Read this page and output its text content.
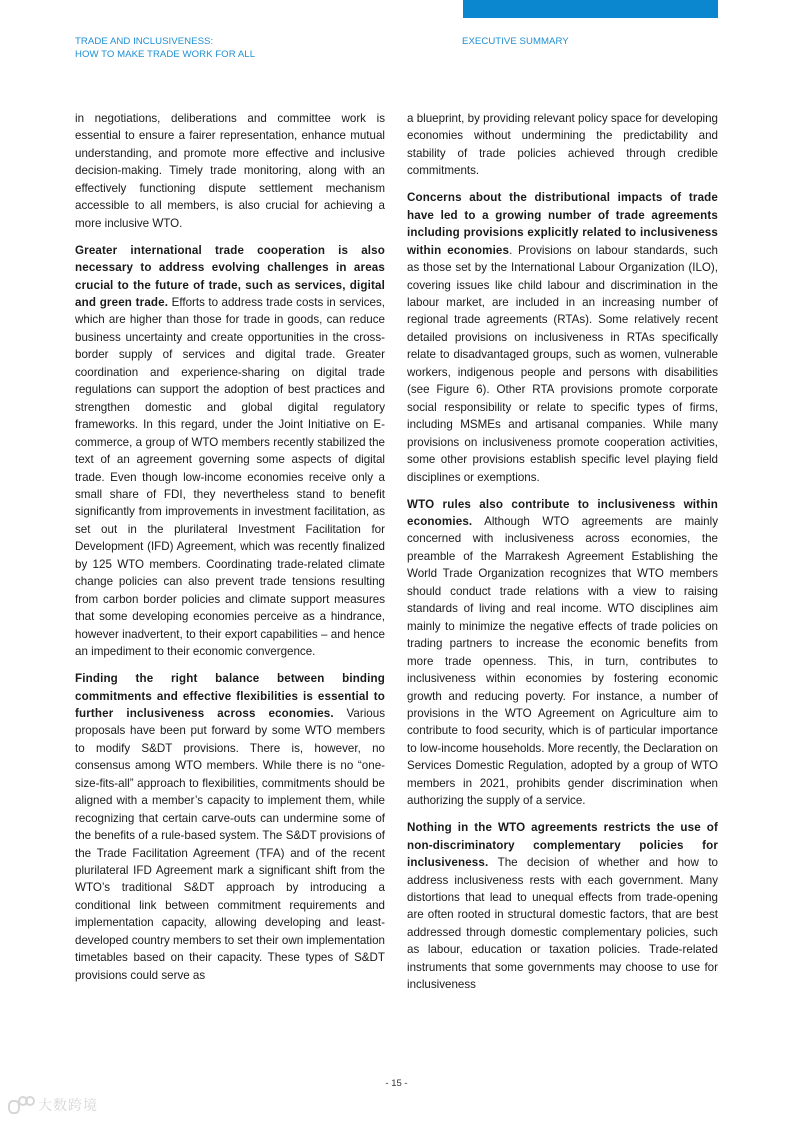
TRADE AND INCLUSIVENESS:
HOW TO MAKE TRADE WORK FOR ALL
EXECUTIVE SUMMARY

in negotiations, deliberations and committee work is essential to ensure a fairer representation, enhance mutual understanding, and promote more effective and inclusive decision-making. Timely trade monitoring, along with an effectively functioning dispute settlement mechanism accessible to all members, is also crucial for achieving a more inclusive WTO.

Greater international trade cooperation is also necessary to address evolving challenges in areas crucial to the future of trade, such as services, digital and green trade. Efforts to address trade costs in services, which are higher than those for trade in goods, can reduce business uncertainty and create opportunities in the cross-border supply of services and digital trade. Greater coordination and experience-sharing on digital trade regulations can support the adoption of best practices and strengthen domestic and global digital regulatory frameworks. In this regard, under the Joint Initiative on E-commerce, a group of WTO members recently stabilized the text of an agreement governing some aspects of digital trade. Even though low-income economies receive only a small share of FDI, they nevertheless stand to benefit significantly from improvements in investment facilitation, as set out in the plurilateral Investment Facilitation for Development (IFD) Agreement, which was recently finalized by 125 WTO members. Coordinating trade-related climate change policies can also prevent trade tensions resulting from carbon border policies and climate support measures that some developing economies perceive as a hindrance, however inadvertent, to their export capabilities – and hence an impediment to their economic convergence.

Finding the right balance between binding commitments and effective flexibilities is essential to further inclusiveness across economies. Various proposals have been put forward by some WTO members to modify S&DT provisions. There is, however, no consensus among WTO members. While there is no “one-size-fits-all” approach to flexibilities, commitments should be aligned with a member’s capacity to implement them, while recognizing that certain carve-outs can undermine some of the benefits of a rule-based system. The S&DT provisions of the Trade Facilitation Agreement (TFA) and of the recent plurilateral IFD Agreement mark a significant shift from the WTO’s traditional S&DT approach by introducing a conditional link between commitment requirements and implementation capacity, allowing developing and least-developed country members to set their own implementation timetables based on their capacity. These types of S&DT provisions could serve as

a blueprint, by providing relevant policy space for developing economies without undermining the predictability and stability of trade policies achieved through credible commitments.

Concerns about the distributional impacts of trade have led to a growing number of trade agreements including provisions explicitly related to inclusiveness within economies. Provisions on labour standards, such as those set by the International Labour Organization (ILO), covering issues like child labour and discrimination in the labour market, are included in an increasing number of regional trade agreements (RTAs). Some relatively recent detailed provisions on inclusiveness in RTAs specifically relate to disadvantaged groups, such as women, vulnerable workers, indigenous people and persons with disabilities (see Figure 6). Other RTA provisions promote corporate social responsibility or relate to specific types of firms, including MSMEs and artisanal companies. While many provisions on inclusiveness promote cooperation activities, some other provisions establish specific level playing field disciplines or exemptions.

WTO rules also contribute to inclusiveness within economies. Although WTO agreements are mainly concerned with inclusiveness across economies, the preamble of the Marrakesh Agreement Establishing the World Trade Organization recognizes that WTO members should conduct trade relations with a view to raising standards of living and real income. WTO disciplines aim mainly to minimize the negative effects of trade policies on trading partners to increase the economic benefits from more trade openness. This, in turn, contributes to inclusiveness within economies by fostering economic growth and reducing poverty. For instance, a number of provisions in the WTO Agreement on Agriculture aim to contribute to food security, which is of particular importance to low-income households. More recently, the Declaration on Services Domestic Regulation, adopted by a group of WTO members in 2021, prohibits gender discrimination when authorizing the supply of a service.

Nothing in the WTO agreements restricts the use of non-discriminatory complementary policies for inclusiveness. The decision of whether and how to address inclusiveness rests with each government. Many distortions that lead to unequal effects from trade-opening are often rooted in structural domestic factors, that are best addressed through domestic complementary policies, such as labour, education or taxation policies. Trade-related instruments that some governments may choose to use for inclusiveness

- 15 -
大数跨境
